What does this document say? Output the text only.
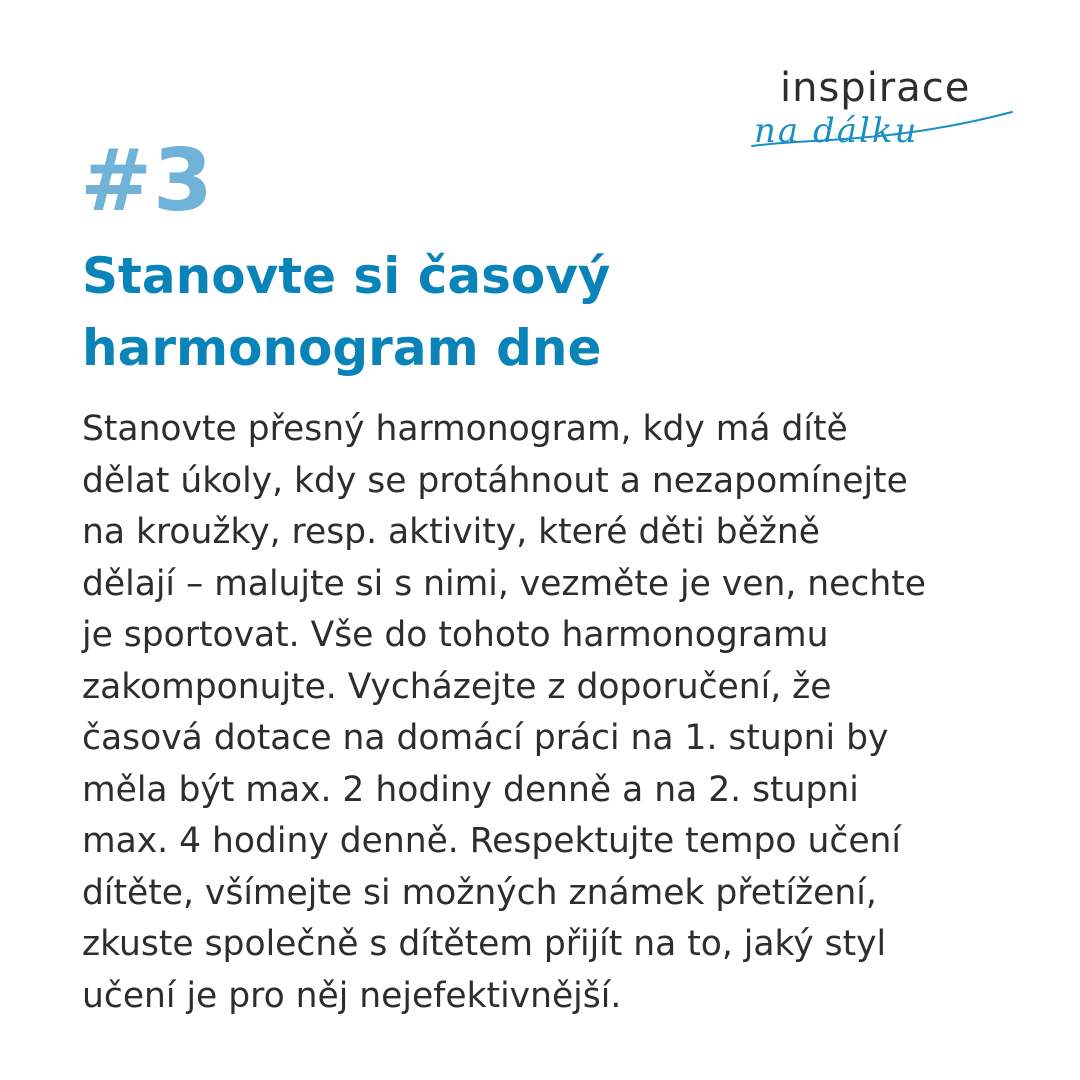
inspirace
na dálku
#3
Stanovte si časový
harmonogram dne
Stanovte přesný harmonogram, kdy má dítě
dělat úkoly, kdy se protáhnout a nezapomínejte
na kroužky, resp. aktivity, které děti běžně
dělají – malujte si s nimi, vezměte je ven, nechte
je sportovat. Vše do tohoto harmonogramu
zakomponujte. Vycházejte z doporučení, že
časová dotace na domácí práci na 1. stupni by
měla být max. 2 hodiny denně a na 2. stupni
max. 4 hodiny denně. Respektujte tempo učení
dítěte, všímejte si možných známek přetížení,
zkuste společně s dítětem přijít na to, jaký styl
učení je pro něj nejefektivnější.
